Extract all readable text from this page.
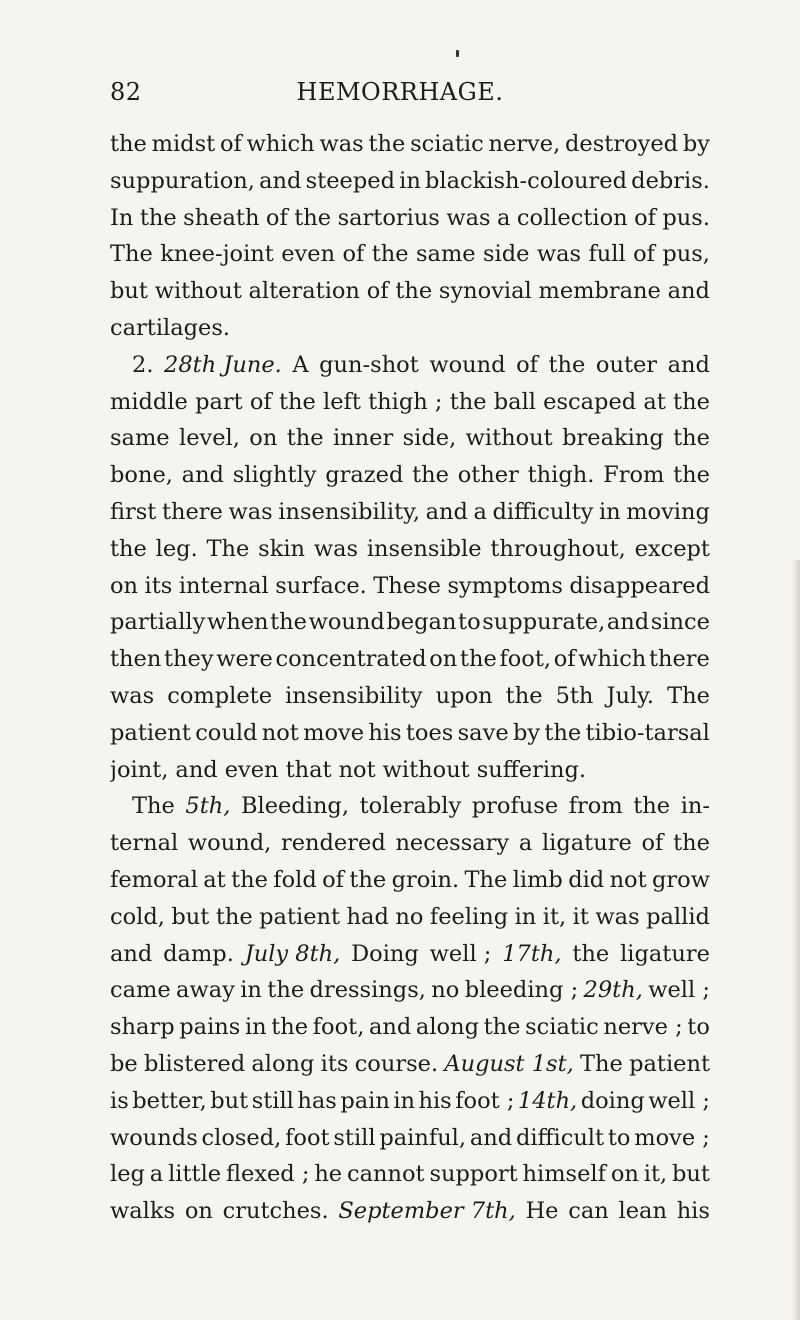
82	HEMORRHAGE.
the midst of which was the sciatic nerve, destroyed by
suppuration, and steeped in blackish-coloured debris.
In the sheath of the sartorius was a collection of pus.
The knee-joint even of the same side was full of pus,
but without alteration of the synovial membrane and
cartilages.
2. 28th June. A gun-shot wound of the outer and
middle part of the left thigh ; the ball escaped at the
same level, on the inner side, without breaking the
bone, and slightly grazed the other thigh. From the
first there was insensibility, and a difficulty in moving
the leg. The skin was insensible throughout, except
on its internal surface. These symptoms disappeared
partially when the wound began to suppurate, and since
then they were concentrated on the foot, of which there
was complete insensibility upon the 5th July. The
patient could not move his toes save by the tibio-tarsal
joint, and even that not without suffering.
The 5th, Bleeding, tolerably profuse from the in-
ternal wound, rendered necessary a ligature of the
femoral at the fold of the groin. The limb did not grow
cold, but the patient had no feeling in it, it was pallid
and damp. July 8th, Doing well ; 17th, the ligature
came away in the dressings, no bleeding ; 29th, well ;
sharp pains in the foot, and along the sciatic nerve ; to
be blistered along its course. August 1st, The patient
is better, but still has pain in his foot ; 14th, doing well ;
wounds closed, foot still painful, and difficult to move ;
leg a little flexed ; he cannot support himself on it, but
walks on crutches. September 7th, He can lean his
